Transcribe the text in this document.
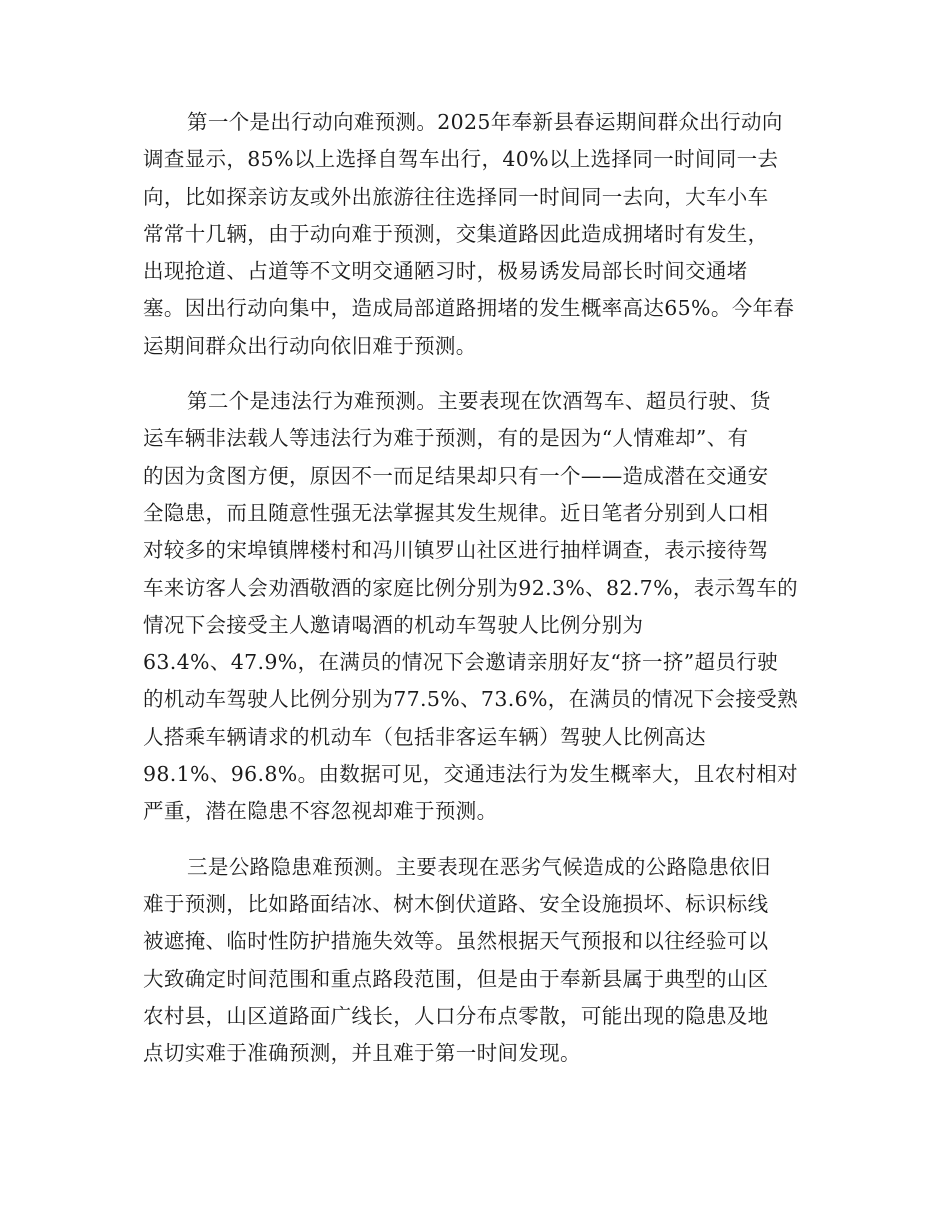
第一个是出行动向难预测。2025年奉新县春运期间群众出行动向
调查显示，85%以上选择自驾车出行，40%以上选择同一时间同一去
向，比如探亲访友或外出旅游往往选择同一时间同一去向，大车小车
常常十几辆，由于动向难于预测，交集道路因此造成拥堵时有发生，
出现抢道、占道等不文明交通陋习时，极易诱发局部长时间交通堵
塞。因出行动向集中，造成局部道路拥堵的发生概率高达65%。今年春
运期间群众出行动向依旧难于预测。

第二个是违法行为难预测。主要表现在饮酒驾车、超员行驶、货
运车辆非法载人等违法行为难于预测，有的是因为“人情难却”、有
的因为贪图方便，原因不一而足结果却只有一个——造成潜在交通安
全隐患，而且随意性强无法掌握其发生规律。近日笔者分别到人口相
对较多的宋埠镇牌楼村和冯川镇罗山社区进行抽样调查，表示接待驾
车来访客人会劝酒敬酒的家庭比例分别为92.3%、82.7%，表示驾车的
情况下会接受主人邀请喝酒的机动车驾驶人比例分别为
63.4%、47.9%，在满员的情况下会邀请亲朋好友“挤一挤”超员行驶
的机动车驾驶人比例分别为77.5%、73.6%，在满员的情况下会接受熟
人搭乘车辆请求的机动车（包括非客运车辆）驾驶人比例高达
98.1%、96.8%。由数据可见，交通违法行为发生概率大，且农村相对
严重，潜在隐患不容忽视却难于预测。

三是公路隐患难预测。主要表现在恶劣气候造成的公路隐患依旧
难于预测，比如路面结冰、树木倒伏道路、安全设施损坏、标识标线
被遮掩、临时性防护措施失效等。虽然根据天气预报和以往经验可以
大致确定时间范围和重点路段范围，但是由于奉新县属于典型的山区
农村县，山区道路面广线长，人口分布点零散，可能出现的隐患及地
点切实难于准确预测，并且难于第一时间发现。
